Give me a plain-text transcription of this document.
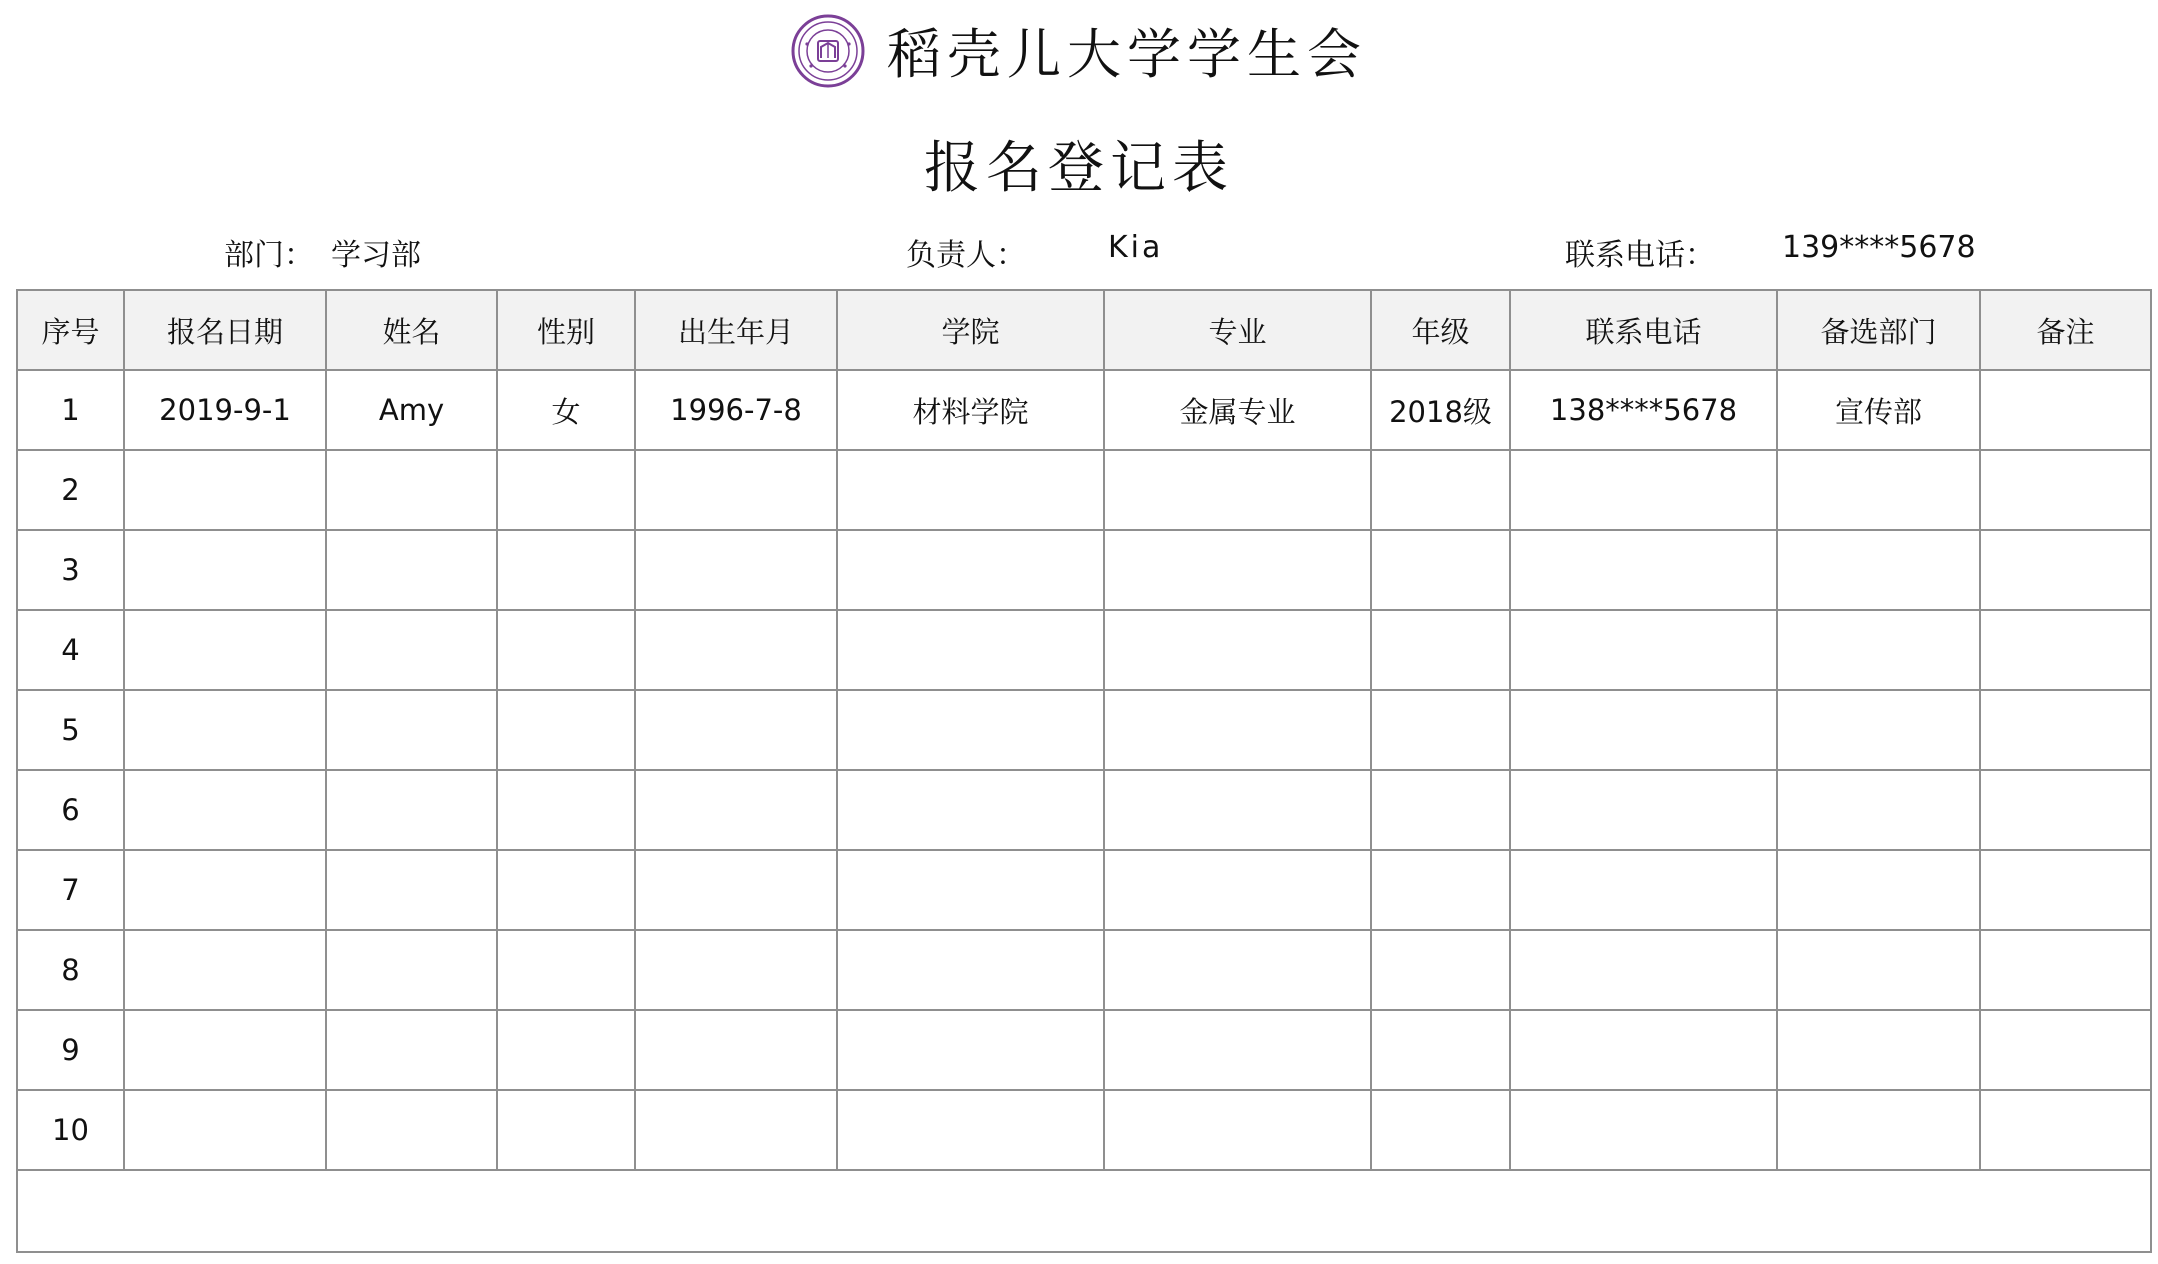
稻壳儿大学学生会
报名登记表
部门： 学习部	负责人：	Kia	联系电话： 139****5678
序号	报名日期	姓名	性别	出生年月	学院	专业	年级	联系电话	备选部门	备注
1	2019-9-1	Amy	女	1996-7-8	材料学院	金属专业	2018级	138****5678	宣传部	
2										
3										
4										
5										
6										
7										
8										
9										
10										
